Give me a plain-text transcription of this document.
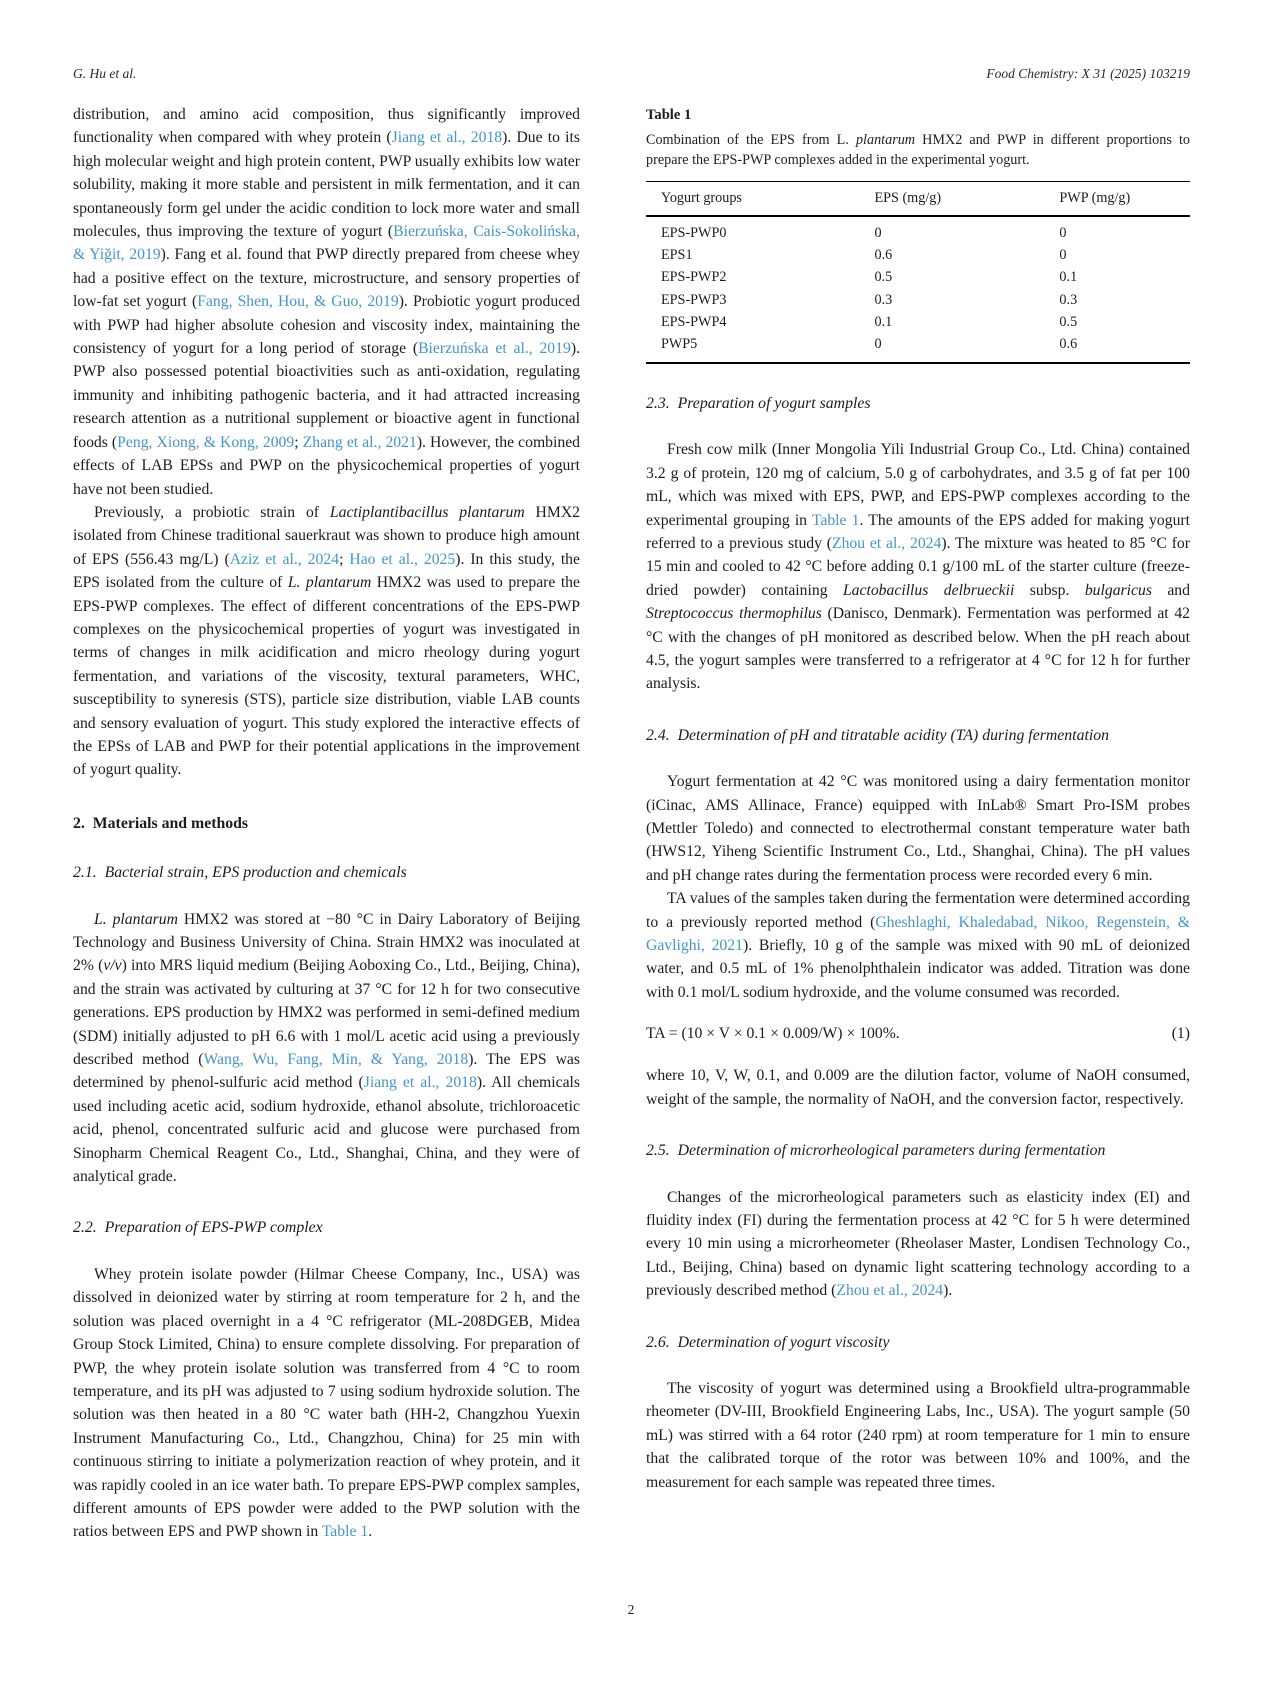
G. Hu et al.	Food Chemistry: X 31 (2025) 103219

distribution, and amino acid composition, thus significantly improved functionality when compared with whey protein (Jiang et al., 2018). Due to its high molecular weight and high protein content, PWP usually exhibits low water solubility, making it more stable and persistent in milk fermentation, and it can spontaneously form gel under the acidic condition to lock more water and small molecules, thus improving the texture of yogurt (Bierzuńska, Cais-Sokolińska, & Yiğit, 2019). Fang et al. found that PWP directly prepared from cheese whey had a positive effect on the texture, microstructure, and sensory properties of low-fat set yogurt (Fang, Shen, Hou, & Guo, 2019). Probiotic yogurt produced with PWP had higher absolute cohesion and viscosity index, maintaining the consistency of yogurt for a long period of storage (Bierzuńska et al., 2019). PWP also possessed potential bioactivities such as anti-oxidation, regulating immunity and inhibiting pathogenic bacteria, and it had attracted increasing research attention as a nutritional supplement or bioactive agent in functional foods (Peng, Xiong, & Kong, 2009; Zhang et al., 2021). However, the combined effects of LAB EPSs and PWP on the physicochemical properties of yogurt have not been studied.

Previously, a probiotic strain of Lactiplantibacillus plantarum HMX2 isolated from Chinese traditional sauerkraut was shown to produce high amount of EPS (556.43 mg/L) (Aziz et al., 2024; Hao et al., 2025). In this study, the EPS isolated from the culture of L. plantarum HMX2 was used to prepare the EPS-PWP complexes. The effect of different concentrations of the EPS-PWP complexes on the physicochemical properties of yogurt was investigated in terms of changes in milk acidification and micro rheology during yogurt fermentation, and variations of the viscosity, textural parameters, WHC, susceptibility to syneresis (STS), particle size distribution, viable LAB counts and sensory evaluation of yogurt. This study explored the interactive effects of the EPSs of LAB and PWP for their potential applications in the improvement of yogurt quality.

2. Materials and methods
2.1. Bacterial strain, EPS production and chemicals

L. plantarum HMX2 was stored at −80 °C in Dairy Laboratory of Beijing Technology and Business University of China. Strain HMX2 was inoculated at 2% (v/v) into MRS liquid medium (Beijing Aoboxing Co., Ltd., Beijing, China), and the strain was activated by culturing at 37 °C for 12 h for two consecutive generations. EPS production by HMX2 was performed in semi-defined medium (SDM) initially adjusted to pH 6.6 with 1 mol/L acetic acid using a previously described method (Wang, Wu, Fang, Min, & Yang, 2018). The EPS was determined by phenol-sulfuric acid method (Jiang et al., 2018). All chemicals used including acetic acid, sodium hydroxide, ethanol absolute, trichloroacetic acid, phenol, concentrated sulfuric acid and glucose were purchased from Sinopharm Chemical Reagent Co., Ltd., Shanghai, China, and they were of analytical grade.

2.2. Preparation of EPS-PWP complex

Whey protein isolate powder (Hilmar Cheese Company, Inc., USA) was dissolved in deionized water by stirring at room temperature for 2 h, and the solution was placed overnight in a 4 °C refrigerator (ML-208DGEB, Midea Group Stock Limited, China) to ensure complete dissolving. For preparation of PWP, the whey protein isolate solution was transferred from 4 °C to room temperature, and its pH was adjusted to 7 using sodium hydroxide solution. The solution was then heated in a 80 °C water bath (HH-2, Changzhou Yuexin Instrument Manufacturing Co., Ltd., Changzhou, China) for 25 min with continuous stirring to initiate a polymerization reaction of whey protein, and it was rapidly cooled in an ice water bath. To prepare EPS-PWP complex samples, different amounts of EPS powder were added to the PWP solution with the ratios between EPS and PWP shown in Table 1.

Table 1

Combination of the EPS from L. plantarum HMX2 and PWP in different proportions to prepare the EPS-PWP complexes added in the experimental yogurt.

Yogurt groups	EPS (mg/g)	PWP (mg/g)
EPS-PWP0	0	0
EPS1	0.6	0
EPS-PWP2	0.5	0.1
EPS-PWP3	0.3	0.3
EPS-PWP4	0.1	0.5
PWP5	0	0.6
2.3. Preparation of yogurt samples

Fresh cow milk (Inner Mongolia Yili Industrial Group Co., Ltd. China) contained 3.2 g of protein, 120 mg of calcium, 5.0 g of carbohydrates, and 3.5 g of fat per 100 mL, which was mixed with EPS, PWP, and EPS-PWP complexes according to the experimental grouping in Table 1. The amounts of the EPS added for making yogurt referred to a previous study (Zhou et al., 2024). The mixture was heated to 85 °C for 15 min and cooled to 42 °C before adding 0.1 g/100 mL of the starter culture (freeze-dried powder) containing Lactobacillus delbrueckii subsp. bulgaricus and Streptococcus thermophilus (Danisco, Denmark). Fermentation was performed at 42 °C with the changes of pH monitored as described below. When the pH reach about 4.5, the yogurt samples were transferred to a refrigerator at 4 °C for 12 h for further analysis.

2.4. Determination of pH and titratable acidity (TA) during fermentation

Yogurt fermentation at 42 °C was monitored using a dairy fermentation monitor (iCinac, AMS Allinace, France) equipped with InLab® Smart Pro-ISM probes (Mettler Toledo) and connected to electrothermal constant temperature water bath (HWS12, Yiheng Scientific Instrument Co., Ltd., Shanghai, China). The pH values and pH change rates during the fermentation process were recorded every 6 min.

TA values of the samples taken during the fermentation were determined according to a previously reported method (Gheshlaghi, Khaledabad, Nikoo, Regenstein, & Gavlighi, 2021). Briefly, 10 g of the sample was mixed with 90 mL of deionized water, and 0.5 mL of 1% phenolphthalein indicator was added. Titration was done with 0.1 mol/L sodium hydroxide, and the volume consumed was recorded.

TA = (10 × V × 0.1 × 0.009/W) × 100%.	(1)

where 10, V, W, 0.1, and 0.009 are the dilution factor, volume of NaOH consumed, weight of the sample, the normality of NaOH, and the conversion factor, respectively.

2.5. Determination of microrheological parameters during fermentation

Changes of the microrheological parameters such as elasticity index (EI) and fluidity index (FI) during the fermentation process at 42 °C for 5 h were determined every 10 min using a microrheometer (Rheolaser Master, Londisen Technology Co., Ltd., Beijing, China) based on dynamic light scattering technology according to a previously described method (Zhou et al., 2024).

2.6. Determination of yogurt viscosity

The viscosity of yogurt was determined using a Brookfield ultra-programmable rheometer (DV-III, Brookfield Engineering Labs, Inc., USA). The yogurt sample (50 mL) was stirred with a 64 rotor (240 rpm) at room temperature for 1 min to ensure that the calibrated torque of the rotor was between 10% and 100%, and the measurement for each sample was repeated three times.

2
